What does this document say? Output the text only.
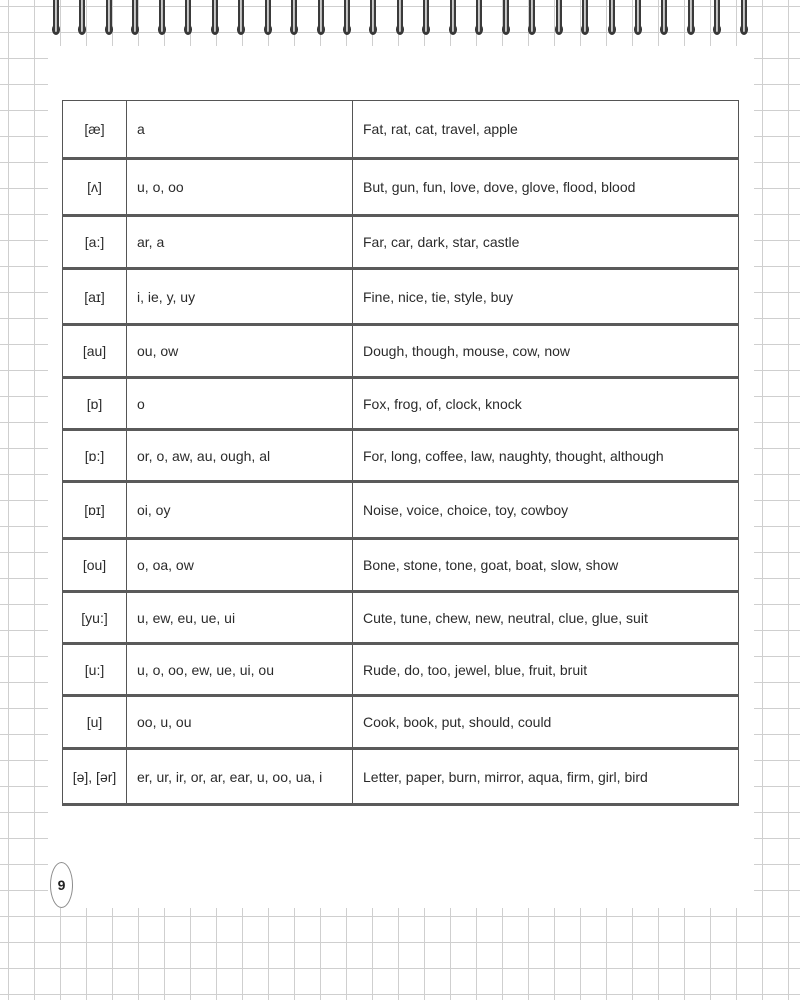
[æ]	a	Fat, rat, cat, travel, apple
[ʌ]	u, o, oo	But, gun, fun, love, dove, glove, flood, blood
[a:]	ar, a	Far, car, dark, star, castle
[aɪ]	i, ie, y, uy	Fine, nice, tie, style, buy
[au]	ou, ow	Dough, though, mouse, cow, now
[ɒ]	o	Fox, frog, of, clock, knock
[ɒ:]	or, o, aw, au, ough, al	For, long, coffee, law, naughty, thought, although
[ɒɪ]	oi, oy	Noise, voice, choice, toy, cowboy
[ou]	o, oa, ow	Bone, stone, tone, goat, boat, slow, show
[yu:]	u, ew, eu, ue, ui	Cute, tune, chew, new, neutral, clue, glue, suit
[u:]	u, o, oo, ew, ue, ui, ou	Rude, do, too, jewel, blue, fruit, bruit
[u]	oo, u, ou	Cook, book, put, should, could
[ə], [ər]	er, ur, ir, or, ar, ear, u, oo, ua, i	Letter, paper, burn, mirror, aqua, firm, girl, bird
9
